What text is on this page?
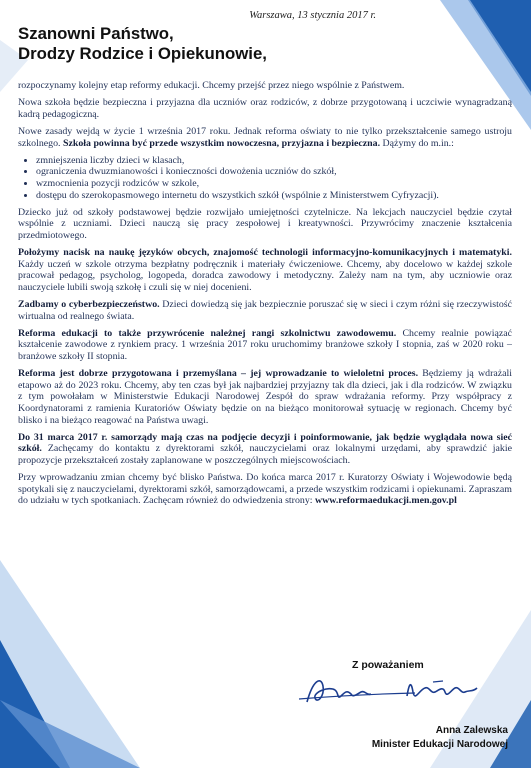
Warszawa, 13 stycznia 2017 r.
Szanowni Państwo,
Drodzy Rodzice i Opiekunowie,

rozpoczynamy kolejny etap reformy edukacji. Chcemy przejść przez niego wspólnie z Państwem.

Nowa szkoła będzie bezpieczna i przyjazna dla uczniów oraz rodziców, z dobrze przygotowaną i uczciwie wynagradzaną kadrą pedagogiczną.

Nowe zasady wejdą w życie 1 września 2017 roku. Jednak reforma oświaty to nie tylko przekształcenie samego ustroju szkolnego. Szkoła powinna być przede wszystkim nowoczesna, przyjazna i bezpieczna. Dążymy do m.in.:

• zmniejszenia liczby dzieci w klasach,
• ograniczenia dwuzmianowości i konieczności dowożenia uczniów do szkół,
• wzmocnienia pozycji rodziców w szkole,
• dostępu do szerokopasmowego internetu do wszystkich szkół (wspólnie z Ministerstwem Cyfryzacji).

Dziecko już od szkoły podstawowej będzie rozwijało umiejętności czytelnicze. Na lekcjach nauczyciel będzie czytał wspólnie z uczniami. Dzieci nauczą się pracy zespołowej i kreatywności. Przywrócimy znaczenie kształcenia przedmiotowego.

Położymy nacisk na naukę języków obcych, znajomość technologii informacyjno-komunikacyjnych i matematyki. Każdy uczeń w szkole otrzyma bezpłatny podręcznik i materiały ćwiczeniowe. Chcemy, aby docelowo w każdej szkole pracował pedagog, psycholog, logopeda, doradca zawodowy i metodyczny. Zależy nam na tym, aby uczniowie oraz nauczyciele lubili swoją szkołę i czuli się w niej docenieni.

Zadbamy o cyberbezpieczeństwo. Dzieci dowiedzą się jak bezpiecznie poruszać się w sieci i czym różni się rzeczywistość wirtualna od realnego świata.

Reforma edukacji to także przywrócenie należnej rangi szkolnictwu zawodowemu. Chcemy realnie powiązać kształcenie zawodowe z rynkiem pracy. 1 września 2017 roku uruchomimy branżowe szkoły I stopnia, zaś w 2020 roku – branżowe szkoły II stopnia.

Reforma jest dobrze przygotowana i przemyślana – jej wprowadzanie to wieloletni proces. Będziemy ją wdrażali etapowo aż do 2023 roku. Chcemy, aby ten czas był jak najbardziej przyjazny tak dla dzieci, jak i dla rodziców. W związku z tym powołałam w Ministerstwie Edukacji Narodowej Zespół do spraw wdrażania reformy. Przy współpracy z Koordynatorami z ramienia Kuratoriów Oświaty będzie on na bieżąco monitorował sytuację w regionach. Chcemy być blisko i na bieżąco reagować na Państwa uwagi.

Do 31 marca 2017 r. samorządy mają czas na podjęcie decyzji i poinformowanie, jak będzie wyglądała nowa sieć szkół. Zachęcamy do kontaktu z dyrektorami szkół, nauczycielami oraz lokalnymi urzędami, aby sprawdzić jakie propozycje przekształceń zostały zaplanowane w poszczególnych miejscowościach.

Przy wprowadzaniu zmian chcemy być blisko Państwa. Do końca marca 2017 r. Kuratorzy Oświaty i Wojewodowie będą spotykali się z nauczycielami, dyrektorami szkół, samorządowcami, a przede wszystkim rodzicami i opiekunami. Zapraszam do udziału w tych spotkaniach. Zachęcam również do odwiedzenia strony: www.reformaedukacji.men.gov.pl

Z poważaniem
Anna Zalewska
Minister Edukacji Narodowej
